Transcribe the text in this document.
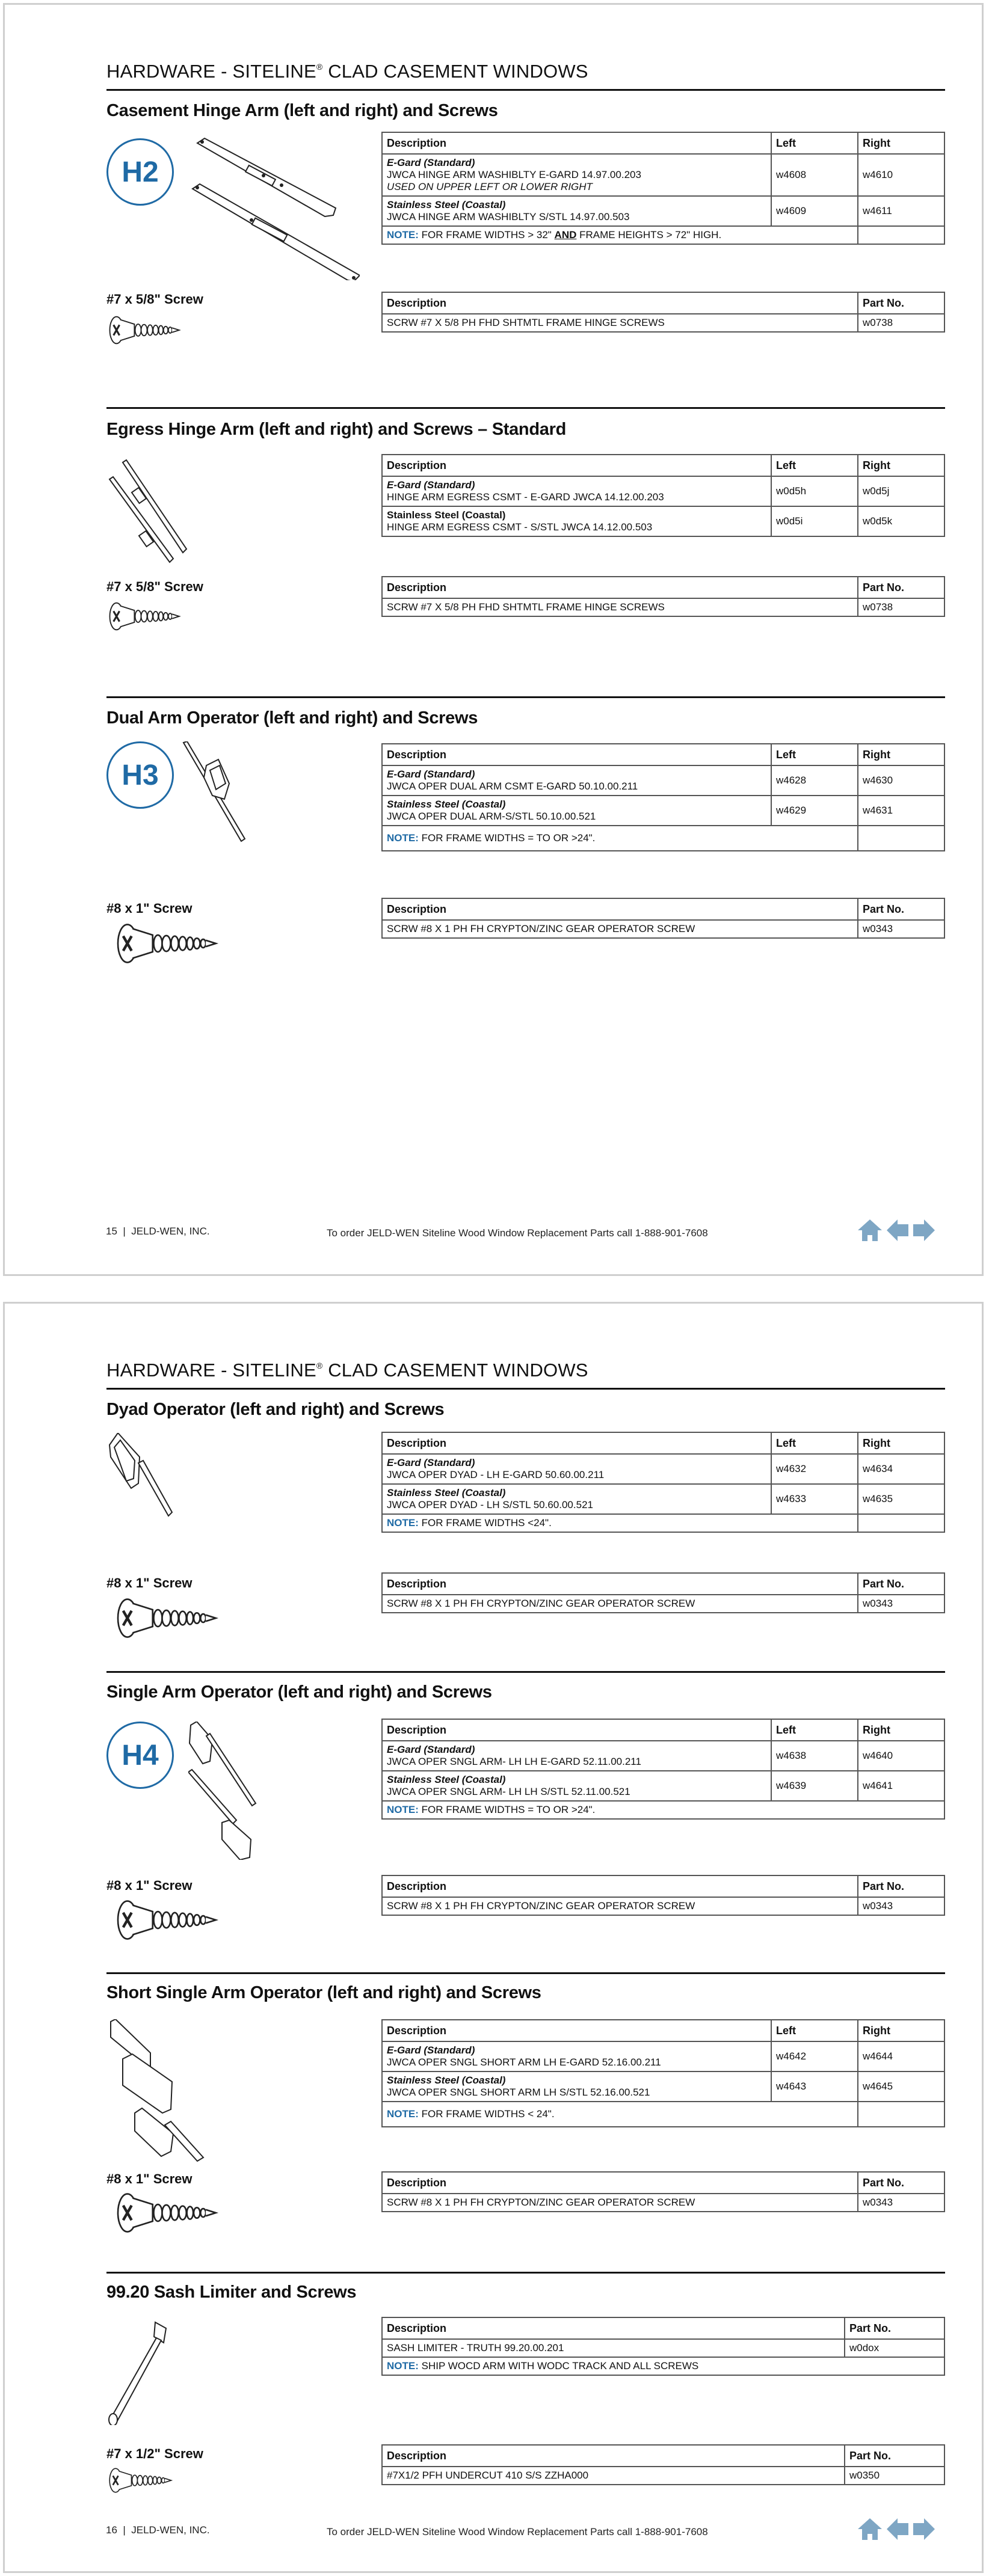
HARDWARE - SITELINE® CLAD CASEMENT WINDOWS
Casement Hinge Arm (left and right) and Screws
H2
Description	Left	Right

E-Gard (Standard)
JWCA HINGE ARM WASHIBLTY E-GARD 14.97.00.203
USED ON UPPER LEFT OR LOWER RIGHT	w4608	w4610

Stainless Steel (Coastal)
JWCA HINGE ARM WASHIBLTY S/STL 14.97.00.503	w4609	w4611
NOTE: FOR FRAME WIDTHS > 32" AND FRAME HEIGHTS > 72" HIGH.		
#7 x 5/8" Screw	Description	Part No.
SCRW #7 X 5/8 PH FHD SHTMTL FRAME HINGE SCREWS	w0738
Egress Hinge Arm (left and right) and Screws – Standard
Description	Left	Right

E-Gard (Standard)
HINGE ARM EGRESS CSMT - E-GARD JWCA 14.12.00.203	w0d5h	w0d5j

Stainless Steel (Coastal)
HINGE ARM EGRESS CSMT - S/STL JWCA 14.12.00.503	w0d5i	w0d5k
#7 x 5/8" Screw	Description	Part No.
SCRW #7 X 5/8 PH FHD SHTMTL FRAME HINGE SCREWS	w0738
Dual Arm Operator (left and right) and Screws
H3
Description	Left	Right

E-Gard (Standard)
JWCA OPER DUAL ARM CSMT E-GARD 50.10.00.211	w4628	w4630

Stainless Steel (Coastal)
JWCA OPER DUAL ARM-S/STL 50.10.00.521	w4629	w4631
NOTE: FOR FRAME WIDTHS = TO OR >24".		
#8 x 1" Screw	Description	Part No.
SCRW #8 X 1 PH FH CRYPTON/ZINC GEAR OPERATOR SCREW	w0343
15  |  JELD-WEN, INC.	To order JELD-WEN Siteline Wood Window Replacement Parts call 1-888-901-7608
HARDWARE - SITELINE® CLAD CASEMENT WINDOWS
Dyad Operator (left and right) and Screws
Description	Left	Right

E-Gard (Standard)
JWCA OPER DYAD - LH E-GARD 50.60.00.211	w4632	w4634

Stainless Steel (Coastal)
JWCA OPER DYAD - LH S/STL 50.60.00.521	w4633	w4635
NOTE: FOR FRAME WIDTHS <24".		
#8 x 1" Screw	Description	Part No.
SCRW #8 X 1 PH FH CRYPTON/ZINC GEAR OPERATOR SCREW	w0343
Single Arm Operator (left and right) and Screws
H4
Description	Left	Right

E-Gard (Standard)
JWCA OPER SNGL ARM- LH LH E-GARD 52.11.00.211	w4638	w4640

Stainless Steel (Coastal)
JWCA OPER SNGL ARM- LH LH S/STL 52.11.00.521	w4639	w4641
NOTE: FOR FRAME WIDTHS = TO OR >24".		
#8 x 1" Screw	Description	Part No.
SCRW #8 X 1 PH FH CRYPTON/ZINC GEAR OPERATOR SCREW	w0343
Short Single Arm Operator (left and right) and Screws
Description	Left	Right

E-Gard (Standard)
JWCA OPER SNGL SHORT ARM LH E-GARD 52.16.00.211	w4642	w4644

Stainless Steel (Coastal)
JWCA OPER SNGL SHORT ARM LH S/STL 52.16.00.521	w4643	w4645
NOTE: FOR FRAME WIDTHS < 24".		
#8 x 1" Screw	Description	Part No.
SCRW #8 X 1 PH FH CRYPTON/ZINC GEAR OPERATOR SCREW	w0343
99.20 Sash Limiter and Screws
Description	Part No.
SASH LIMITER - TRUTH 99.20.00.201	w0dox
NOTE: SHIP WOCD ARM WITH WODC TRACK AND ALL SCREWS	
#7 x 1/2" Screw	Description	Part No.
#7X1/2 PFH UNDERCUT 410 S/S ZZHA000	w0350
16  |  JELD-WEN, INC.	To order JELD-WEN Siteline Wood Window Replacement Parts call 1-888-901-7608
